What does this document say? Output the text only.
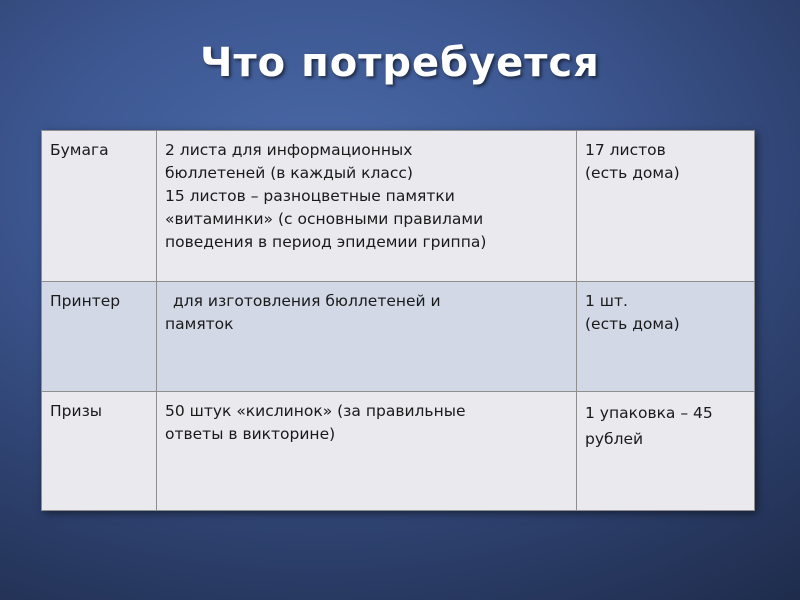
Что потребуется
Бумага	2 листа для информационных
бюллетеней (в каждый класс)
15 листов – разноцветные памятки
«витаминки» (с основными правилами
поведения в период эпидемии гриппа)	17 листов
(есть дома)

Принтер	для изготовления бюллетеней и
памяток	1 шт.
(есть дома)

Призы	50 штук «кислинок» (за правильные
ответы в викторине)	1 упаковка – 45
рублей
